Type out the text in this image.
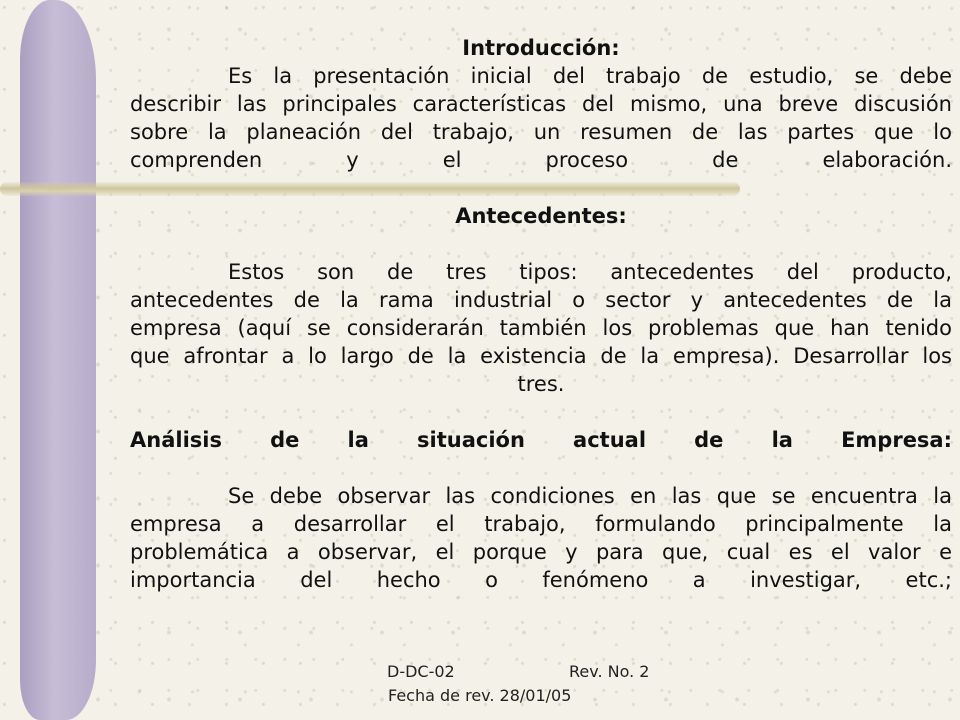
Introducción:
Es la presentación inicial del trabajo de estudio, se debe
describir las principales características del mismo, una breve discusión
sobre la planeación del trabajo, un resumen de las partes que lo
comprenden y el proceso de elaboración.
Antecedentes:
Estos son de tres tipos: antecedentes del producto,
antecedentes de la rama industrial o sector y antecedentes de la
empresa (aquí se considerarán también los problemas que han tenido
que afrontar a lo largo de la existencia de la empresa). Desarrollar los
tres.
Análisis de la situación actual de la Empresa:
Se debe observar las condiciones en las que se encuentra la
empresa a desarrollar el trabajo, formulando principalmente la
problemática a observar, el porque y para que, cual es el valor e
importancia del hecho o fenómeno a investigar, etc.;
D-DC-02	Rev. No. 2
Fecha de rev. 28/01/05
